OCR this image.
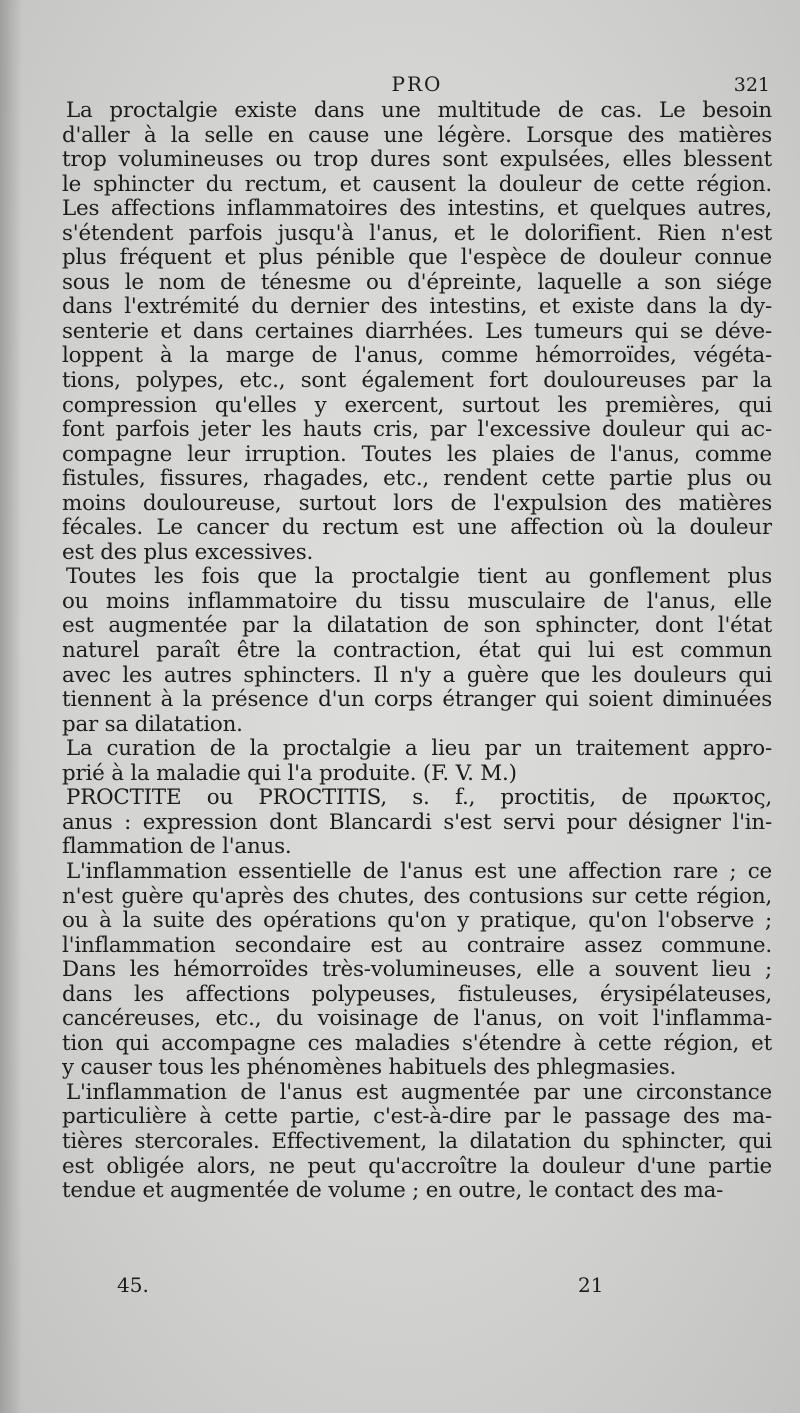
PRO	321
La proctalgie existe dans une multitude de cas. Le besoin
d'aller à la selle en cause une légère. Lorsque des matières
trop volumineuses ou trop dures sont expulsées, elles blessent
le sphincter du rectum, et causent la douleur de cette région.
Les affections inflammatoires des intestins, et quelques autres,
s'étendent parfois jusqu'à l'anus, et le dolorifient. Rien n'est
plus fréquent et plus pénible que l'espèce de douleur connue
sous le nom de ténesme ou d'épreinte, laquelle a son siége
dans l'extrémité du dernier des intestins, et existe dans la dy-
senterie et dans certaines diarrhées. Les tumeurs qui se déve-
loppent à la marge de l'anus, comme hémorroïdes, végéta-
tions, polypes, etc., sont également fort douloureuses par la
compression qu'elles y exercent, surtout les premières, qui
font parfois jeter les hauts cris, par l'excessive douleur qui ac-
compagne leur irruption. Toutes les plaies de l'anus, comme
fistules, fissures, rhagades, etc., rendent cette partie plus ou
moins douloureuse, surtout lors de l'expulsion des matières
fécales. Le cancer du rectum est une affection où la douleur
est des plus excessives.
Toutes les fois que la proctalgie tient au gonflement plus
ou moins inflammatoire du tissu musculaire de l'anus, elle
est augmentée par la dilatation de son sphincter, dont l'état
naturel paraît être la contraction, état qui lui est commun
avec les autres sphincters. Il n'y a guère que les douleurs qui
tiennent à la présence d'un corps étranger qui soient diminuées
par sa dilatation.
La curation de la proctalgie a lieu par un traitement appro-
prié à la maladie qui l'a produite. (F. V. M.)
PROCTITE ou PROCTITIS, s. f., proctitis, de πρωκτος,
anus : expression dont Blancardi s'est servi pour désigner l'in-
flammation de l'anus.
L'inflammation essentielle de l'anus est une affection rare ; ce
n'est guère qu'après des chutes, des contusions sur cette région,
ou à la suite des opérations qu'on y pratique, qu'on l'observe ;
l'inflammation secondaire est au contraire assez commune.
Dans les hémorroïdes très-volumineuses, elle a souvent lieu ;
dans les affections polypeuses, fistuleuses, érysipélateuses,
cancéreuses, etc., du voisinage de l'anus, on voit l'inflamma-
tion qui accompagne ces maladies s'étendre à cette région, et
y causer tous les phénomènes habituels des phlegmasies.
L'inflammation de l'anus est augmentée par une circonstance
particulière à cette partie, c'est-à-dire par le passage des ma-
tières stercorales. Effectivement, la dilatation du sphincter, qui
est obligée alors, ne peut qu'accroître la douleur d'une partie
tendue et augmentée de volume ; en outre, le contact des ma-
45.	21
